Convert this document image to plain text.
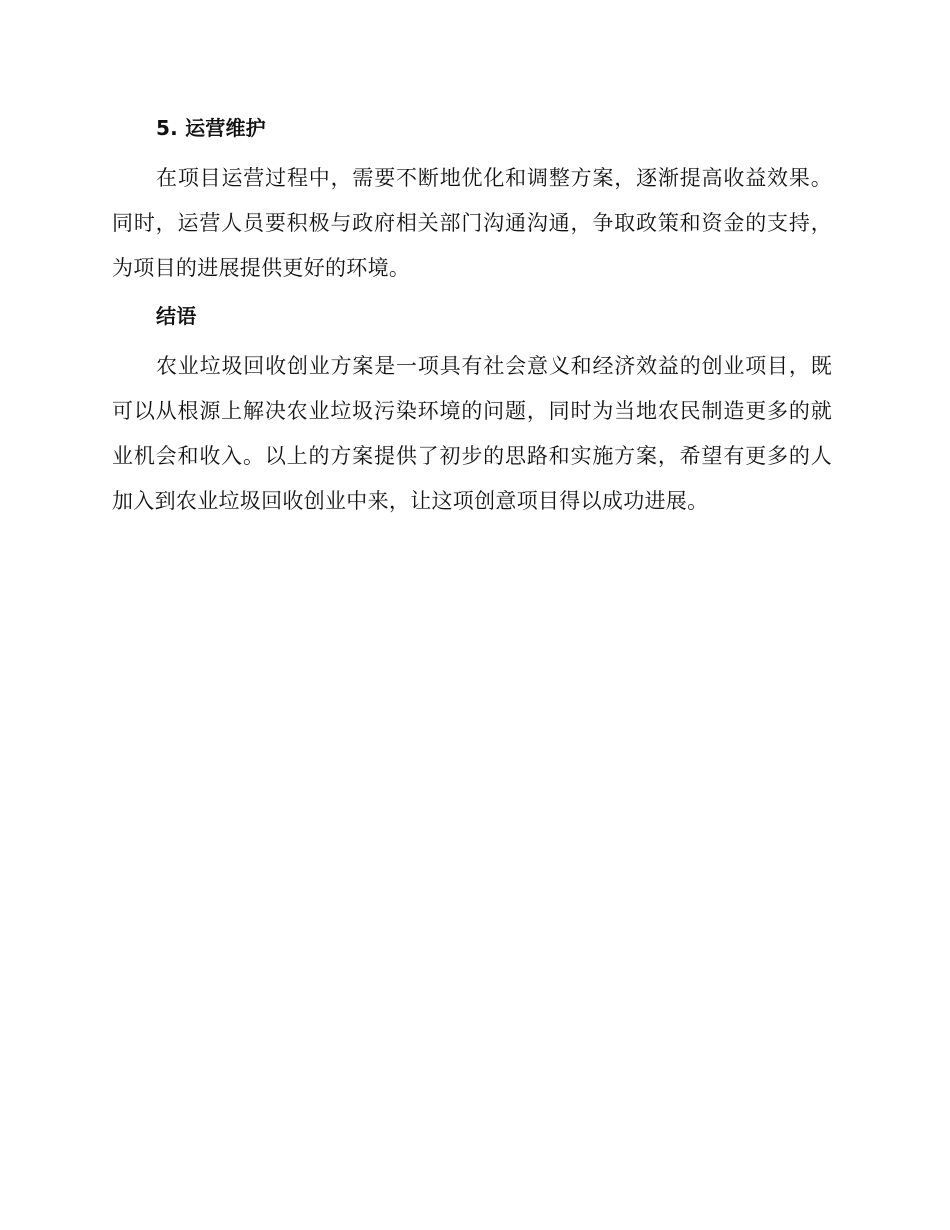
5. 运营维护

在项目运营过程中，需要不断地优化和调整方案，逐渐提高收益效果。同时，运营人员要积极与政府相关部门沟通沟通，争取政策和资金的支持，为项目的进展提供更好的环境。

结语

农业垃圾回收创业方案是一项具有社会意义和经济效益的创业项目，既可以从根源上解决农业垃圾污染环境的问题，同时为当地农民制造更多的就业机会和收入。以上的方案提供了初步的思路和实施方案，希望有更多的人加入到农业垃圾回收创业中来，让这项创意项目得以成功进展。
